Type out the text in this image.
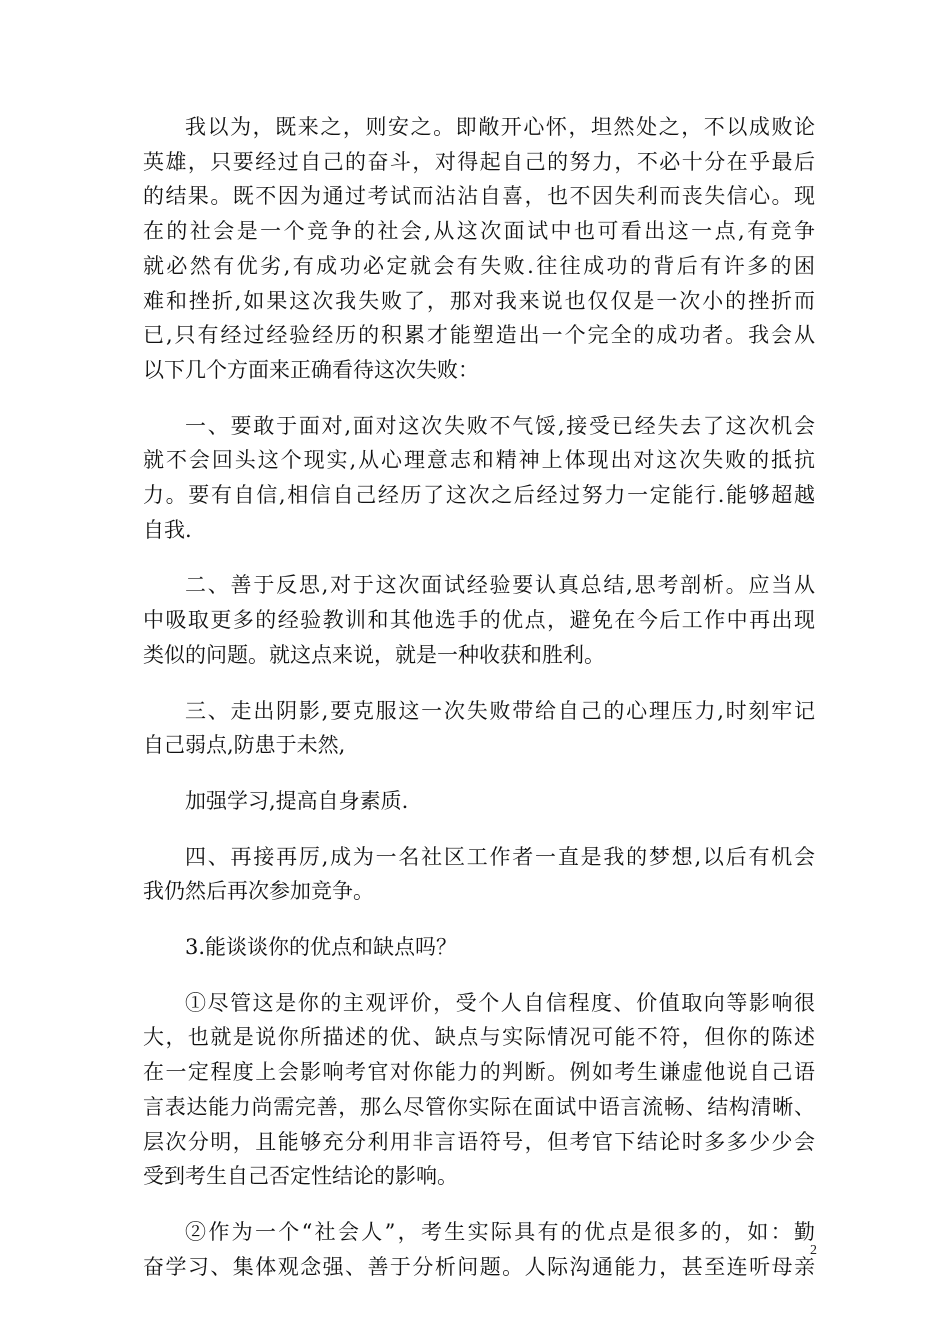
我以为，既来之，则安之。即敞开心怀，坦然处之，不以成败论
英雄，只要经过自己的奋斗，对得起自己的努力，不必十分在乎最后
的结果。既不因为通过考试而沾沾自喜，也不因失利而丧失信心。现
在的社会是一个竞争的社会,从这次面试中也可看出这一点,有竞争
就必然有优劣,有成功必定就会有失败.往往成功的背后有许多的困
难和挫折,如果这次我失败了，那对我来说也仅仅是一次小的挫折而
已,只有经过经验经历的积累才能塑造出一个完全的成功者。我会从
以下几个方面来正确看待这次失败：
一、要敢于面对,面对这次失败不气馁,接受已经失去了这次机会
就不会回头这个现实,从心理意志和精神上体现出对这次失败的抵抗
力。要有自信,相信自己经历了这次之后经过努力一定能行.能够超越
自我.
二、善于反思,对于这次面试经验要认真总结,思考剖析。应当从
中吸取更多的经验教训和其他选手的优点，避免在今后工作中再出现
类似的问题。就这点来说，就是一种收获和胜利。
三、走出阴影,要克服这一次失败带给自己的心理压力,时刻牢记
自己弱点,防患于未然,
加强学习,提高自身素质.
四、再接再厉,成为一名社区工作者一直是我的梦想,以后有机会
我仍然后再次参加竞争。
3.能谈谈你的优点和缺点吗？
①尽管这是你的主观评价，受个人自信程度、价值取向等影响很
大，也就是说你所描述的优、缺点与实际情况可能不符，但你的陈述
在一定程度上会影响考官对你能力的判断。例如考生谦虚他说自己语
言表达能力尚需完善，那么尽管你实际在面试中语言流畅、结构清晰、
层次分明，且能够充分利用非言语符号，但考官下结论时多多少少会
受到考生自己否定性结论的影响。
②作为一个“社会人”，考生实际具有的优点是很多的，如：勤
奋学习、集体观念强、善于分析问题。人际沟通能力，甚至连听母亲
2
